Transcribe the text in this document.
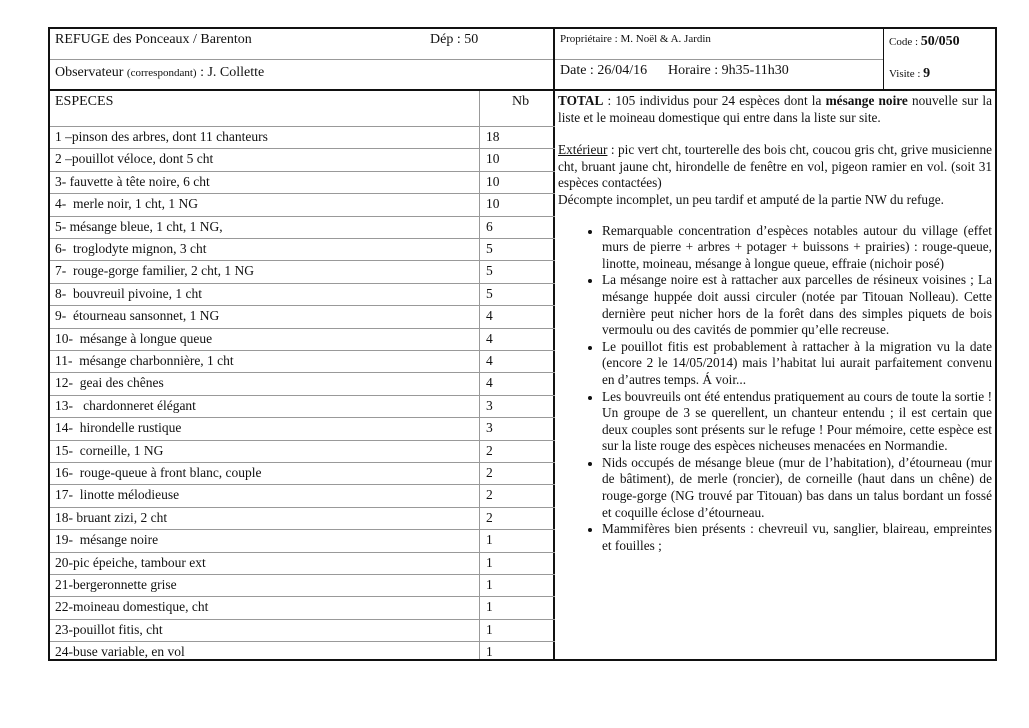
REFUGE des Ponceaux / Barenton	Dép : 50	Propriétaire : M. Noël & A. Jardin	Code : 50/050
Observateur (correspondant) : J. Collette	Date : 26/04/16 Horaire : 9h35-11h30	Visite : 9
ESPECES	Nb
1 –pinson des arbres, dont 11 chanteurs	18
2 –pouillot véloce, dont 5 cht	10
3- fauvette à tête noire, 6 cht	10
4-  merle noir, 1 cht, 1 NG	10
5- mésange bleue, 1 cht, 1 NG,	6
6-  troglodyte mignon, 3 cht	5
7-  rouge-gorge familier, 2 cht, 1 NG	5
8-  bouvreuil pivoine, 1 cht	5
9-  étourneau sansonnet, 1 NG	4
10-  mésange à longue queue	4
11-  mésange charbonnière, 1 cht	4
12-  geai des chênes	4
13-   chardonneret élégant	3
14-  hirondelle rustique	3
15-  corneille, 1 NG	2
16-  rouge-queue à front blanc, couple	2
17-  linotte mélodieuse	2
18- bruant zizi, 2 cht	2
19-  mésange noire	1
20-pic épeiche, tambour ext	1
21-bergeronnette grise	1
22-moineau domestique, cht	1
23-pouillot fitis, cht	1
24-buse variable, en vol	1

TOTAL : 105 individus pour 24 espèces dont la mésange noire nouvelle sur la liste et le moineau domestique qui entre dans la liste sur site.

Extérieur : pic vert cht, tourterelle des bois cht, coucou gris cht, grive musicienne cht, bruant jaune cht, hirondelle de fenêtre en vol, pigeon ramier en vol. (soit 31 espèces contactées)

Décompte incomplet, un peu tardif et amputé de la partie NW du refuge.

• Remarquable concentration d’espèces notables autour du village (effet murs de pierre + arbres + potager + buissons + prairies) : rouge-queue, linotte, moineau, mésange à longue queue, effraie (nichoir posé)
• La mésange noire est à rattacher aux parcelles de résineux voisines ; La mésange huppée doit aussi circuler (notée par Titouan Nolleau). Cette dernière peut nicher hors de la forêt dans des simples piquets de bois vermoulu ou des cavités de pommier qu’elle recreuse.
• Le pouillot fitis est probablement à rattacher à la migration vu la date (encore 2 le 14/05/2014) mais l’habitat lui aurait parfaitement convenu en d’autres temps. Á voir...
• Les bouvreuils ont été entendus pratiquement au cours de toute la sortie ! Un groupe de 3 se querellent, un chanteur entendu ; il est certain que deux couples sont présents sur le refuge ! Pour mémoire, cette espèce est sur la liste rouge des espèces nicheuses menacées en Normandie.
• Nids occupés de mésange bleue (mur de l’habitation), d’étourneau (mur de bâtiment), de merle (roncier), de corneille (haut dans un chêne) de rouge-gorge (NG trouvé par Titouan) bas dans un talus bordant un fossé et coquille éclose d’étourneau.
• Mammifères bien présents : chevreuil vu, sanglier, blaireau, empreintes et fouilles ;
